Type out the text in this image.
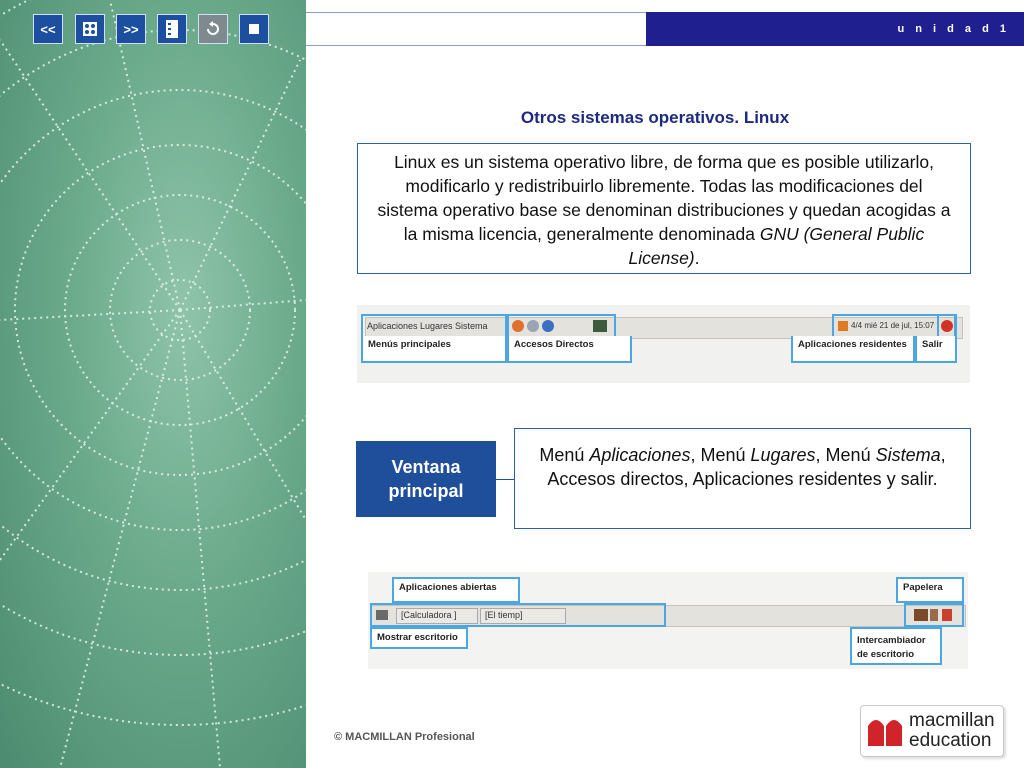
<<	>>	u n i d a d 1
Otros sistemas operativos. Linux
Linux es un sistema operativo libre, de forma que es posible utilizarlo, modificarlo y redistribuirlo libremente. Todas las modificaciones del sistema operativo base se denominan distribuciones y quedan acogidas a la misma licencia, generalmente denominada GNU (General Public License).
Aplicaciones Lugares Sistema	4/4 mié 21 de jul, 15:07
Menús principales	Accesos Directos	Aplicaciones residentes	Salir
Ventana principal
Menú Aplicaciones, Menú Lugares, Menú Sistema, Accesos directos, Aplicaciones residentes y salir.
Aplicaciones abiertas	Papelera
[Calculadora ]	[El tiemp]
Mostrar escritorio	Intercambiador de escritorio
© MACMILLAN Profesional
macmillan
education
